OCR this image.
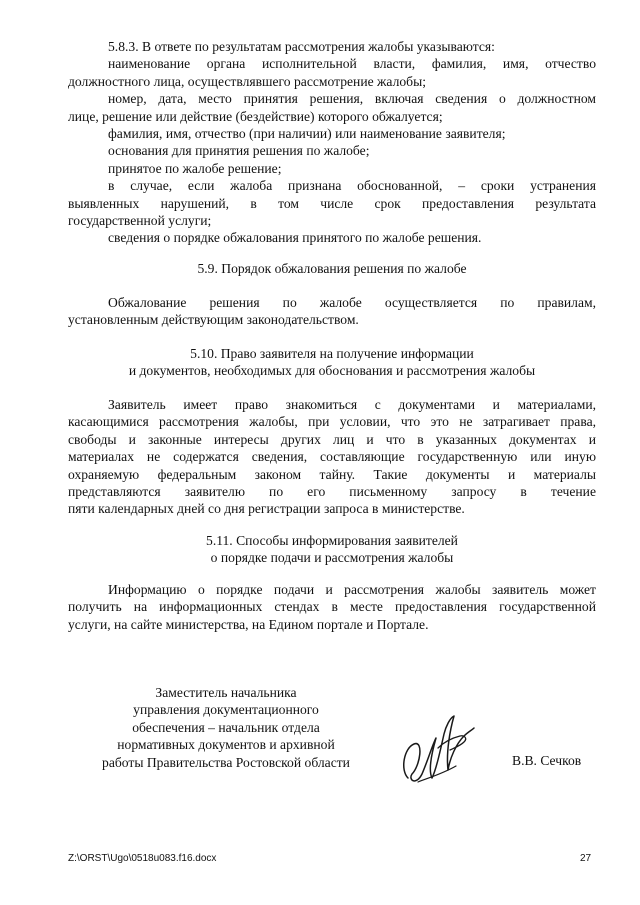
5.8.3. В ответе по результатам рассмотрения жалобы указываются:
наименование органа исполнительной власти, фамилия, имя, отчество
должностного лица, осуществлявшего рассмотрение жалобы;
номер, дата, место принятия решения, включая сведения о должностном
лице, решение или действие (бездействие) которого обжалуется;
фамилия, имя, отчество (при наличии) или наименование заявителя;
основания для принятия решения по жалобе;
принятое по жалобе решение;
в случае, если жалоба признана обоснованной, – сроки устранения
выявленных нарушений, в том числе срок предоставления результата
государственной услуги;
сведения о порядке обжалования принятого по жалобе решения.
5.9. Порядок обжалования решения по жалобе
Обжалование решения по жалобе осуществляется по правилам,
установленным действующим законодательством.
5.10. Право заявителя на получение информации
и документов, необходимых для обоснования и рассмотрения жалобы
Заявитель имеет право знакомиться с документами и материалами,
касающимися рассмотрения жалобы, при условии, что это не затрагивает права,
свободы и законные интересы других лиц и что в указанных документах и
материалах не содержатся сведения, составляющие государственную или иную
охраняемую федеральным законом тайну. Такие документы и материалы
представляются заявителю по его письменному запросу в течение
пяти календарных дней со дня регистрации запроса в министерстве.
5.11. Способы информирования заявителей
о порядке подачи и рассмотрения жалобы
Информацию о порядке подачи и рассмотрения жалобы заявитель может
получить на информационных стендах в месте предоставления государственной
услуги, на сайте министерства, на Едином портале и Портале.
Заместитель начальника
управления документационного
обеспечения – начальник отдела
нормативных документов и архивной
работы Правительства Ростовской области	В.В. Сечков
Z:\ORST\Ugo\0518u083.f16.docx	27
